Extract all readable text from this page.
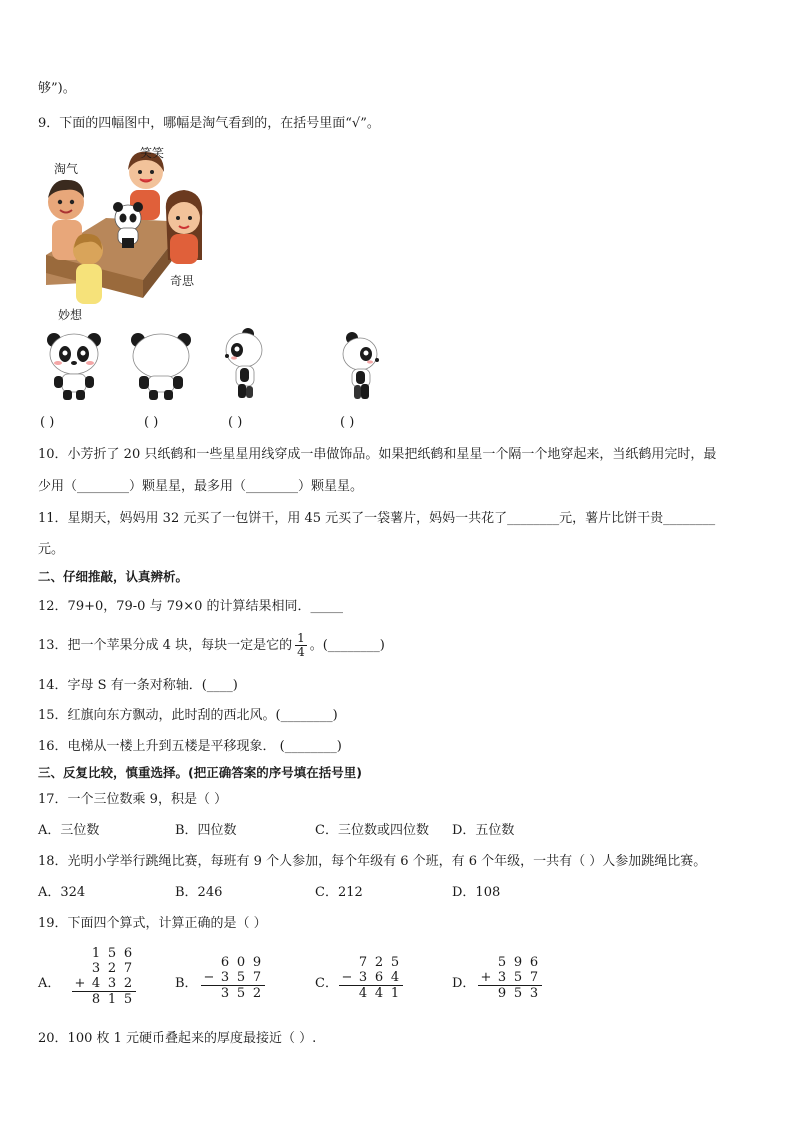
够”)。
9．下面的四幅图中，哪幅是淘气看到的，在括号里面“√”。
淘气
笑笑
奇思
妙想
( )	( )	( )	( )
10．小芳折了 20 只纸鹤和一些星星用线穿成一串做饰品。如果把纸鹤和星星一个隔一个地穿起来，当纸鹤用完时，最
少用（________）颗星星，最多用（________）颗星星。
11．星期天，妈妈用 32 元买了一包饼干，用 45 元买了一袋薯片，妈妈一共花了________元，薯片比饼干贵________
元。
二、仔细推敲，认真辨析。
12．79+0，79-0 与 79×0 的计算结果相同．_____
13．把一个苹果分成 4 块，每块一定是它的 $\frac{1}{4}$ 。(________)
14．字母 S 有一条对称轴．(____)
15．红旗向东方飘动，此时刮的西北风。(________)
16．电梯从一楼上升到五楼是平移现象． (________)
三、反复比较，慎重选择。(把正确答案的序号填在括号里)
17．一个三位数乘 9，积是（ ）
A．三位数	B．四位数	C．三位数或四位数 D．五位数
18．光明小学举行跳绳比赛，每班有 9 个人参加，每个年级有 6 个班，有 6 个年级，一共有（ ）人参加跳绳比赛。
A．324	B．246	C．212	D．108
19．下面四个算式，计算正确的是（ ）
A．
	1	5	6
	3	2	7
+	4	3	2
	8	1	5
B．
	6	0	9
−	3	5	7
	3	5	2
C．
	7	2	5
−	3	6	4
	4	4	1
D．
	5	9	6
+	3	5	7
	9	5	3
20．100 枚 1 元硬币叠起来的厚度最接近（ ）.
